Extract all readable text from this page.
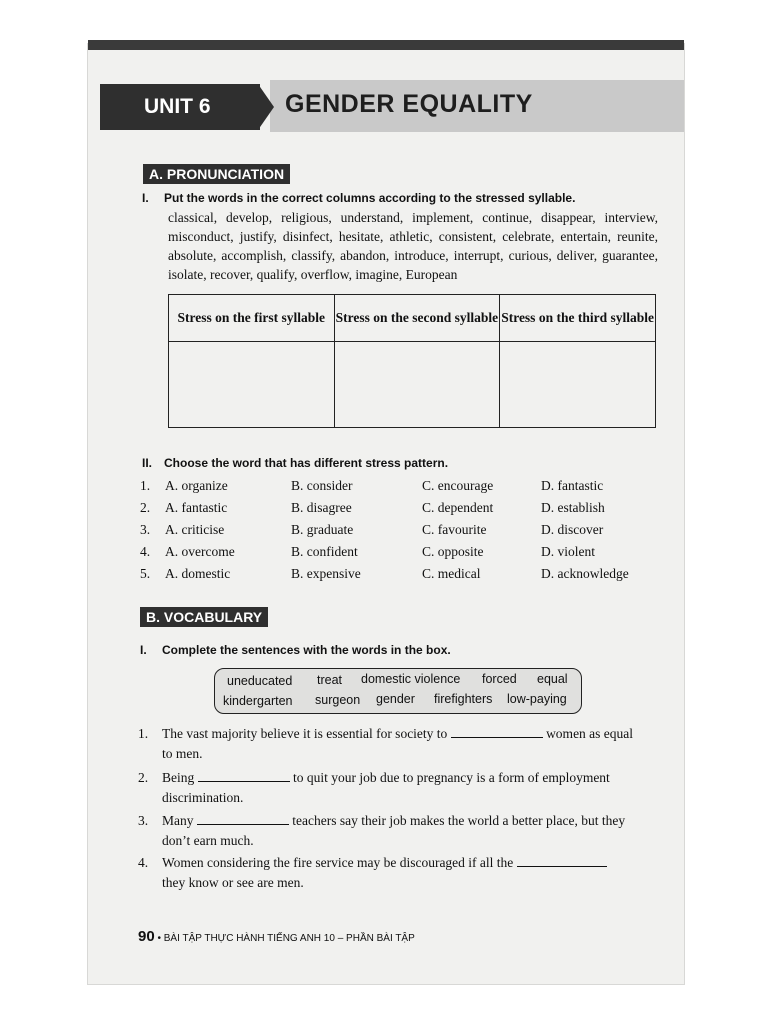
UNIT 6	GENDER EQUALITY
A. PRONUNCIATION
I. Put the words in the correct columns according to the stressed syllable.
classical, develop, religious, understand, implement, continue, disappear, interview, misconduct, justify, disinfect, hesitate, athletic, consistent, celebrate, entertain, reunite, absolute, accomplish, classify, abandon, introduce, interrupt, curious, deliver, guarantee, isolate, recover, qualify, overflow, imagine, European
Stress on the first syllable	Stress on the second syllable	Stress on the third syllable

II. Choose the word that has different stress pattern.
1. A. organize	B. consider	C. encourage	D. fantastic
2. A. fantastic	B. disagree	C. dependent	D. establish
3. A. criticise	B. graduate	C. favourite	D. discover
4. A. overcome	B. confident	C. opposite	D. violent
5. A. domestic	B. expensive	C. medical	D. acknowledge
B. VOCABULARY
I. Complete the sentences with the words in the box.
uneducated treat domestic violence forced equal
kindergarten surgeon gender firefighters low-paying
1. The vast majority believe it is essential for society to	women as equal
to men.
2. Being	to quit your job due to pregnancy is a form of employment
discrimination.
3. Many	teachers say their job makes the world a better place, but they
don’t earn much.
4. Women considering the fire service may be discouraged if all the
they know or see are men.
90 • BÀI TẬP THỰC HÀNH TIẾNG ANH 10 – PHẦN BÀI TẬP
